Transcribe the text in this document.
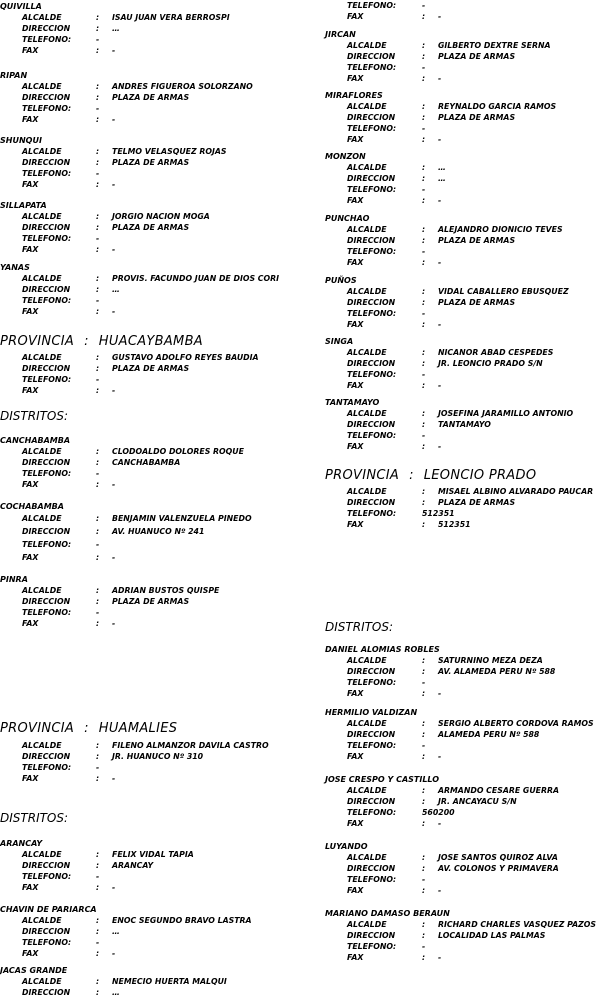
QUIVILLA
ALCALDE	: ISAU JUAN VERA BERROSPI
DIRECCION	: …
TELEFONO:	-
FAX	: -
RIPAN
ALCALDE	: ANDRES FIGUEROA SOLORZANO
DIRECCION	: PLAZA DE ARMAS
TELEFONO:	-
FAX	: -
SHUNQUI
ALCALDE	: TELMO VELASQUEZ ROJAS
DIRECCION	: PLAZA DE ARMAS
TELEFONO:	-
FAX	: -
SILLAPATA
ALCALDE	: JORGIO NACION MOGA
DIRECCION	: PLAZA DE ARMAS
TELEFONO:	-
FAX	: -
YANAS
ALCALDE	: PROVIS. FACUNDO JUAN DE DIOS CORI
DIRECCION	: …
TELEFONO:	-
FAX	: -
PROVINCIA : HUACAYBAMBA
ALCALDE	: GUSTAVO ADOLFO REYES BAUDIA
DIRECCION	: PLAZA DE ARMAS
TELEFONO:	-
FAX	: -
DISTRITOS:
CANCHABAMBA
ALCALDE	: CLODOALDO DOLORES ROQUE
DIRECCION	: CANCHABAMBA
TELEFONO:	-
FAX	: -
COCHABAMBA
ALCALDE	: BENJAMIN VALENZUELA PINEDO
DIRECCION	: AV. HUANUCO Nº 241
TELEFONO:	-
FAX	: -
PINRA
ALCALDE	: ADRIAN BUSTOS QUISPE
DIRECCION	: PLAZA DE ARMAS
TELEFONO:	-
FAX	: -
PROVINCIA : HUAMALIES
ALCALDE	: FILENO ALMANZOR DAVILA CASTRO
DIRECCION	: JR. HUANUCO Nº 310
TELEFONO:	-
FAX	: -
DISTRITOS:
ARANCAY
ALCALDE	: FELIX VIDAL TAPIA
DIRECCION	: ARANCAY
TELEFONO:	-
FAX	: -
CHAVIN DE PARIARCA
ALCALDE	: ENOC SEGUNDO BRAVO LASTRA
DIRECCION	: …
TELEFONO:	-
FAX	: -
JACAS GRANDE
ALCALDE	: NEMECIO HUERTA MALQUI
DIRECCION	: …
TELEFONO:	-
FAX	: -
JIRCAN
ALCALDE	: GILBERTO DEXTRE SERNA
DIRECCION	: PLAZA DE ARMAS
TELEFONO:	-
FAX	: -
MIRAFLORES
ALCALDE	: REYNALDO GARCIA RAMOS
DIRECCION	: PLAZA DE ARMAS
TELEFONO:	-
FAX	: -
MONZON
ALCALDE	: …
DIRECCION	: …
TELEFONO:	-
FAX	: -
PUNCHAO
ALCALDE	: ALEJANDRO DIONICIO TEVES
DIRECCION	: PLAZA DE ARMAS
TELEFONO:	-
FAX	: -
PUÑOS
ALCALDE	: VIDAL CABALLERO EBUSQUEZ
DIRECCION	: PLAZA DE ARMAS
TELEFONO:	-
FAX	: -
SINGA
ALCALDE	: NICANOR ABAD CESPEDES
DIRECCION	: JR. LEONCIO PRADO S/N
TELEFONO:	-
FAX	: -
TANTAMAYO
ALCALDE	: JOSEFINA JARAMILLO ANTONIO
DIRECCION	: TANTAMAYO
TELEFONO:	-
FAX	: -
PROVINCIA : LEONCIO PRADO
ALCALDE	: MISAEL ALBINO ALVARADO PAUCAR
DIRECCION	: PLAZA DE ARMAS
TELEFONO:	512351
FAX	: 512351
DISTRITOS:
DANIEL ALOMIAS ROBLES
ALCALDE	: SATURNINO MEZA DEZA
DIRECCION	: AV. ALAMEDA PERU Nº 588
TELEFONO:	-
FAX	: -
HERMILIO VALDIZAN
ALCALDE	: SERGIO ALBERTO CORDOVA RAMOS
DIRECCION	: ALAMEDA PERU Nº 588
TELEFONO:	-
FAX	: -
JOSE CRESPO Y CASTILLO
ALCALDE	: ARMANDO CESARE GUERRA
DIRECCION	: JR. ANCAYACU S/N
TELEFONO:	560200
FAX	: -
LUYANDO
ALCALDE	: JOSE SANTOS QUIROZ ALVA
DIRECCION	: AV. COLONOS Y PRIMAVERA
TELEFONO:	-
FAX	: -
MARIANO DAMASO BERAUN
ALCALDE	: RICHARD CHARLES VASQUEZ PAZOS
DIRECCION	: LOCALIDAD LAS PALMAS
TELEFONO:	-
FAX	: -
